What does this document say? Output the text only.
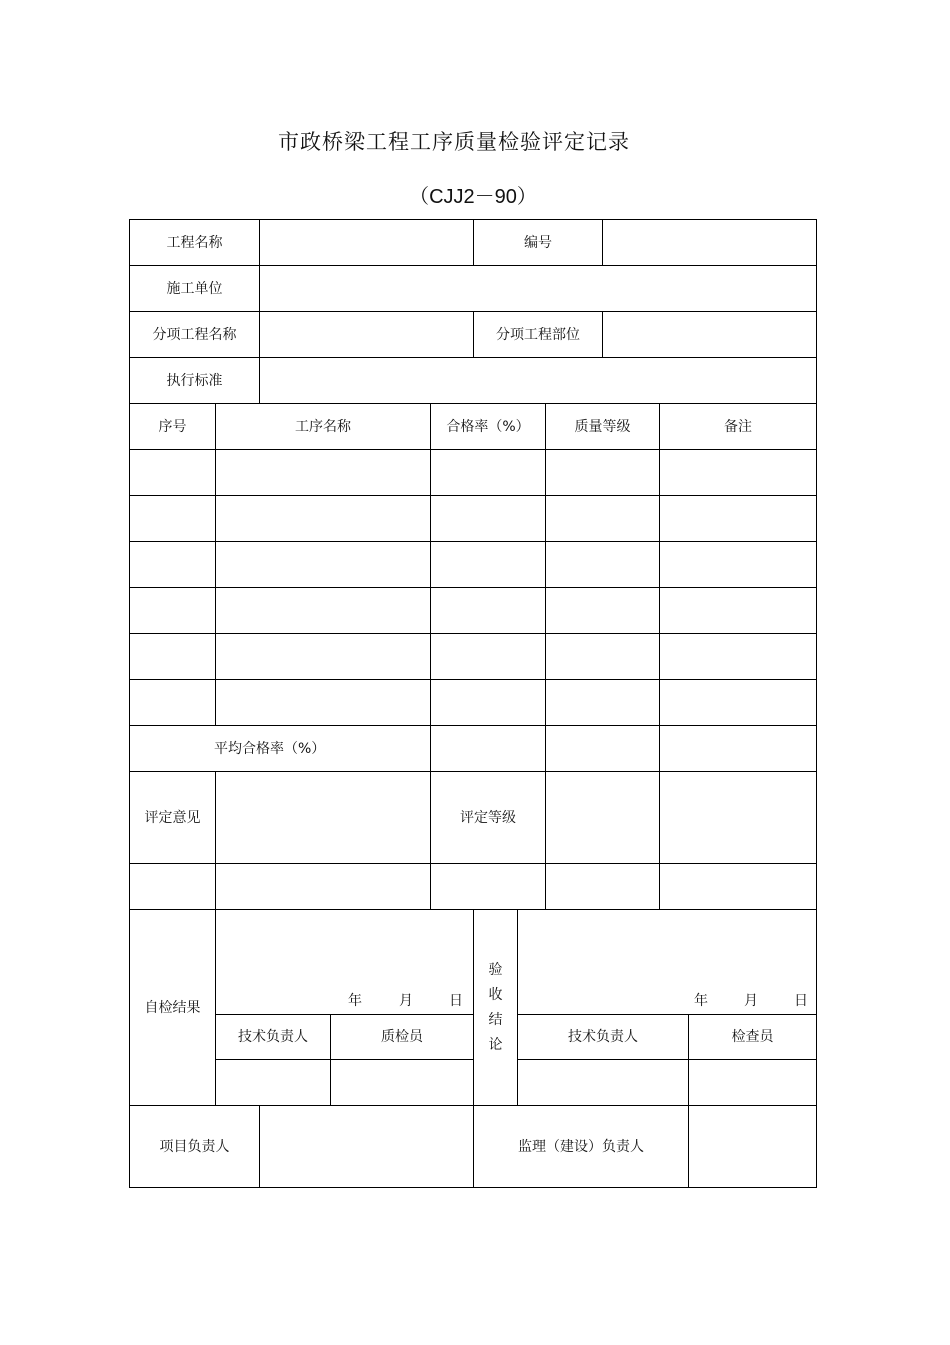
市政桥梁工程工序质量检验评定记录
（CJJ2－90）
工程名称	编号
施工单位
分项工程名称	分项工程部位
执行标准
序号	工序名称	合格率（%）	质量等级	备注
平均合格率（%）
评定意见	评定等级
自检结果	年	月	日
技术负责人	质检员
验
收
结
论
年	月	日
技术负责人	检查员
项目负责人	监理（建设）负责人
